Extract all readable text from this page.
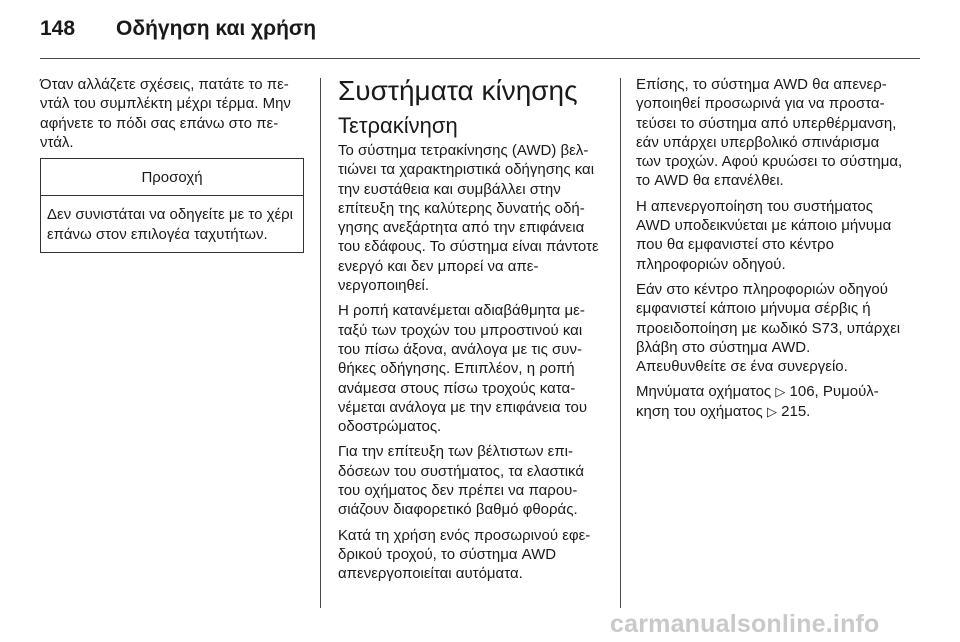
148	Οδήγηση και χρήση

Όταν αλλάζετε σχέσεις, πατάτε το πεντάλ του συμπλέκτη μέχρι τέρμα. Μην αφήνετε το πόδι σας επάνω στο πεντάλ.

Προσοχή
Δεν συνιστάται να οδηγείτε με το χέρι επάνω στον επιλογέα ταχυτήτων.
Συστήματα κίνησης
Τετρακίνηση

Το σύστημα τετρακίνησης (AWD) βελτιώνει τα χαρακτηριστικά οδήγησης και την ευστάθεια και συμβάλλει στην επίτευξη της καλύτερης δυνατής οδήγησης ανεξάρτητα από την επιφάνεια του εδάφους. Το σύστημα είναι πάντοτε ενεργό και δεν μπορεί να απενεργοποιηθεί.

Η ροπή κατανέμεται αδιαβάθμητα μεταξύ των τροχών του μπροστινού και του πίσω άξονα, ανάλογα με τις συνθήκες οδήγησης. Επιπλέον, η ροπή ανάμεσα στους πίσω τροχούς κατανέμεται ανάλογα με την επιφάνεια του οδοστρώματος.

Για την επίτευξη των βέλτιστων επιδόσεων του συστήματος, τα ελαστικά του οχήματος δεν πρέπει να παρουσιάζουν διαφορετικό βαθμό φθοράς.

Κατά τη χρήση ενός προσωρινού εφεδρικού τροχού, το σύστημα AWD απενεργοποιείται αυτόματα.

Επίσης, το σύστημα AWD θα απενεργοποιηθεί προσωρινά για να προστατεύσει το σύστημα από υπερθέρμανση, εάν υπάρχει υπερβολικό σπινάρισμα των τροχών. Αφού κρυώσει το σύστημα, το AWD θα επανέλθει.

Η απενεργοποίηση του συστήματος AWD υποδεικνύεται με κάποιο μήνυμα που θα εμφανιστεί στο κέντρο πληροφοριών οδηγού.

Εάν στο κέντρο πληροφοριών οδηγού εμφανιστεί κάποιο μήνυμα σέρβις ή προειδοποίηση με κωδικό S73, υπάρχει βλάβη στο σύστημα AWD. Απευθυνθείτε σε ένα συνεργείο.

Μηνύματα οχήματος ▷ 106, Ρυμούλκηση του οχήματος ▷ 215.

carmanualsonline.info
